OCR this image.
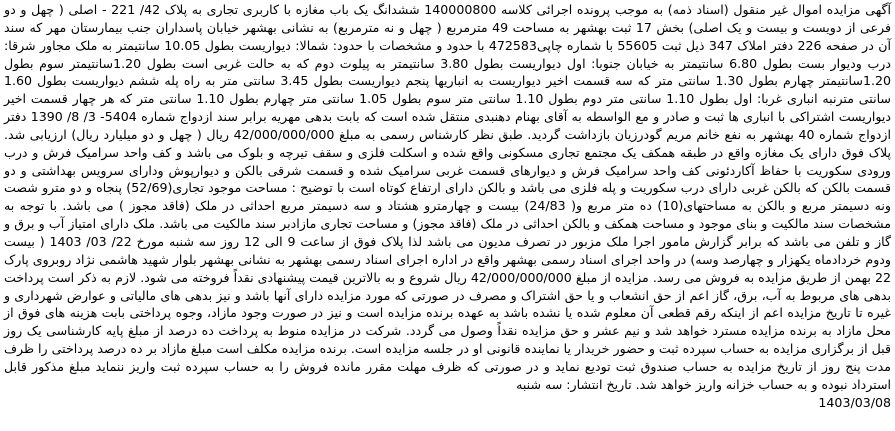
آگهی مزایده اموال غیر منقول (اسناد ذمه) به موجب پرونده اجرائی کلاسه 140000800 ششدانگ یک باب مغازه با کاربری تجاری به پلاک 42/ 221 - اصلی ( چهل و دو فرعی از دویست و بیست و یک اصلی) بخش 17 ثبت بهشهر به مساحت 49 مترمربع ( چهل و نه مترمربع) به نشانی بهشهر خیابان پاسداران جنب بیمارستان مهر که سند آن در صفحه 226 دفتر املاک 347 ذیل ثبت 55605 با شماره چاپی472583 با حدود و مشخصات با حدود: شمالا: دیواریست بطول 10.05 سانتیمتر به ملک مجاور شرقا: درب ودیوار بست بطول 6.80 سانتیمتر به خیابان جنوبا: اول دیواریست بطول 3.80 سانتیمتر به پیلوت دوم که به حالت غربی است بطول 1.20سانتیمتر سوم بطول 1.20سانتیمتر چهارم بطول 1.30 سانتی متر که سه قسمت اخیر دیواریست به انباریها پنجم دیواریست بطول 3.45 سانتی متر به راه پله ششم دیواریست بطول 1.60 سانتی مترنبه انباری غربا: اول بطول 1.10 سانتی متر دوم بطول 1.10 سانتی متر سوم بطول 1.05 سانتی متر چهارم بطول 1.10 سانتی متر که هر چهار قسمت اخیر دیواریست اشتراکی با انباری ها ثبت و صادر و مع الواسطه به آقای بهنام دهنبدی منتقل شده است که بابت بدهی مهریه برابر سند ازدواج شماره 5404- 3/ 8/ 1390 دفتر ازدواج شماره 40 بهشهر به نفع خانم مریم گودرزیان بازداشت گردید. طبق نظر کارشناس رسمی به مبلغ 42/000/000/000 ریال ( چهل و دو میلیارد ریال) ارزیابی شد. پلاک فوق دارای یک مغازه واقع در طبقه همکف یک مجتمع تجاری مسکونی واقع شده و اسکلت فلزی و سقف تیرچه و بلوک می باشد و کف واحد سرامیک فرش و درب ورودی سکوریت با حفاظ آکاردئونی کف واحد سرامیک فرش و دیوارهای قسمت غربی سرامیک شده و قسمت شرقی بالکن و دیوارپوش ودارای سرویس بهداشتی و دو قسمت بالکن که بالکن غربی دارای درب سکوریت و پله فلزی می باشد و بالکن دارای ارتفاع کوتاه است با توضیح : مساحت موجود تجاری(52/69) پنجاه و دو مترو شصت ونه دسیمتر مربع و بالکن به مساحتهای(10) ده متر مربع و( 24/83) بیست و چهارمترو هشتاد و سه دسیمتر مربع احداثی در ملک (فاقد مجوز ) می باشد. با توجه به مشخصات سند مالکیت و بنای موجود و مساحت همکف و بالکن احداثی در ملک (فاقد مجوز) و مساحت تجاری مازادبر سند مالکیت می باشد. ملک دارای امتیاز آب و برق و گاز و تلفن می باشد که برابر گزارش مامور اجرا ملک مزبور در تصرف مدیون می باشد لذا پلاک فوق از ساعت 9 الی 12 روز سه شنبه مورخ 22/ 03/ 1403 ( بیست ودوم خردادماه یکهزار و چهارصد وسه) در واحد اجرای اسناد رسمی بهشهر واقع در اداره اجرای اسناد رسمی بهشهر به نشانی بهشهر بلوار شهید هاشمی نژاد روبروی پارک 22 بهمن از طریق مزایده به فروش می رسد. مزایده از مبلغ 42/000/000/000 ریال شروع و به بالاترین قیمت پیشنهادی نقداً فروخته می شود. لازم به ذکر است پرداخت بدهی های مربوط به آب، برق، گاز اعم از حق انشعاب و یا حق اشتراک و مصرف در صورتی که مورد مزایده دارای آنها باشد و نیز بدهی های مالیاتی و عوارض شهرداری و غیره تا تاریخ مزایده اعم از اینکه رقم قطعی آن معلوم شده یا نشده باشد به عهده برنده مزایده است و نیز در صورت وجود مازاد، وجوه پرداختی بابت هزینه های فوق از محل مازاد به برنده مزایده مسترد خواهد شد و نیم عشر و حق مزایده نقداً وصول می گردد. شرکت در مزایده منوط به پرداخت ده درصد از مبلغ پایه کارشناسی یک روز قبل از برگزاری مزایده به حساب سپرده ثبت و حضور خریدار یا نماینده قانونی او در جلسه مزایده است. برنده مزایده مکلف است مبلغ مازاد بر ده درصد پرداختی را ظرف مدت پنج روز از تاریخ مزایده به حساب صندوق ثبت تودیع نماید و در صورتی که ظرف مهلت مقرر مانده فروش را به حساب سپرده ثبت واریز ننماید مبلغ مذکور قابل استرداد نبوده و به حساب خزانه واریز خواهد شد. تاریخ انتشار: سه شنبه
1403/03/08
